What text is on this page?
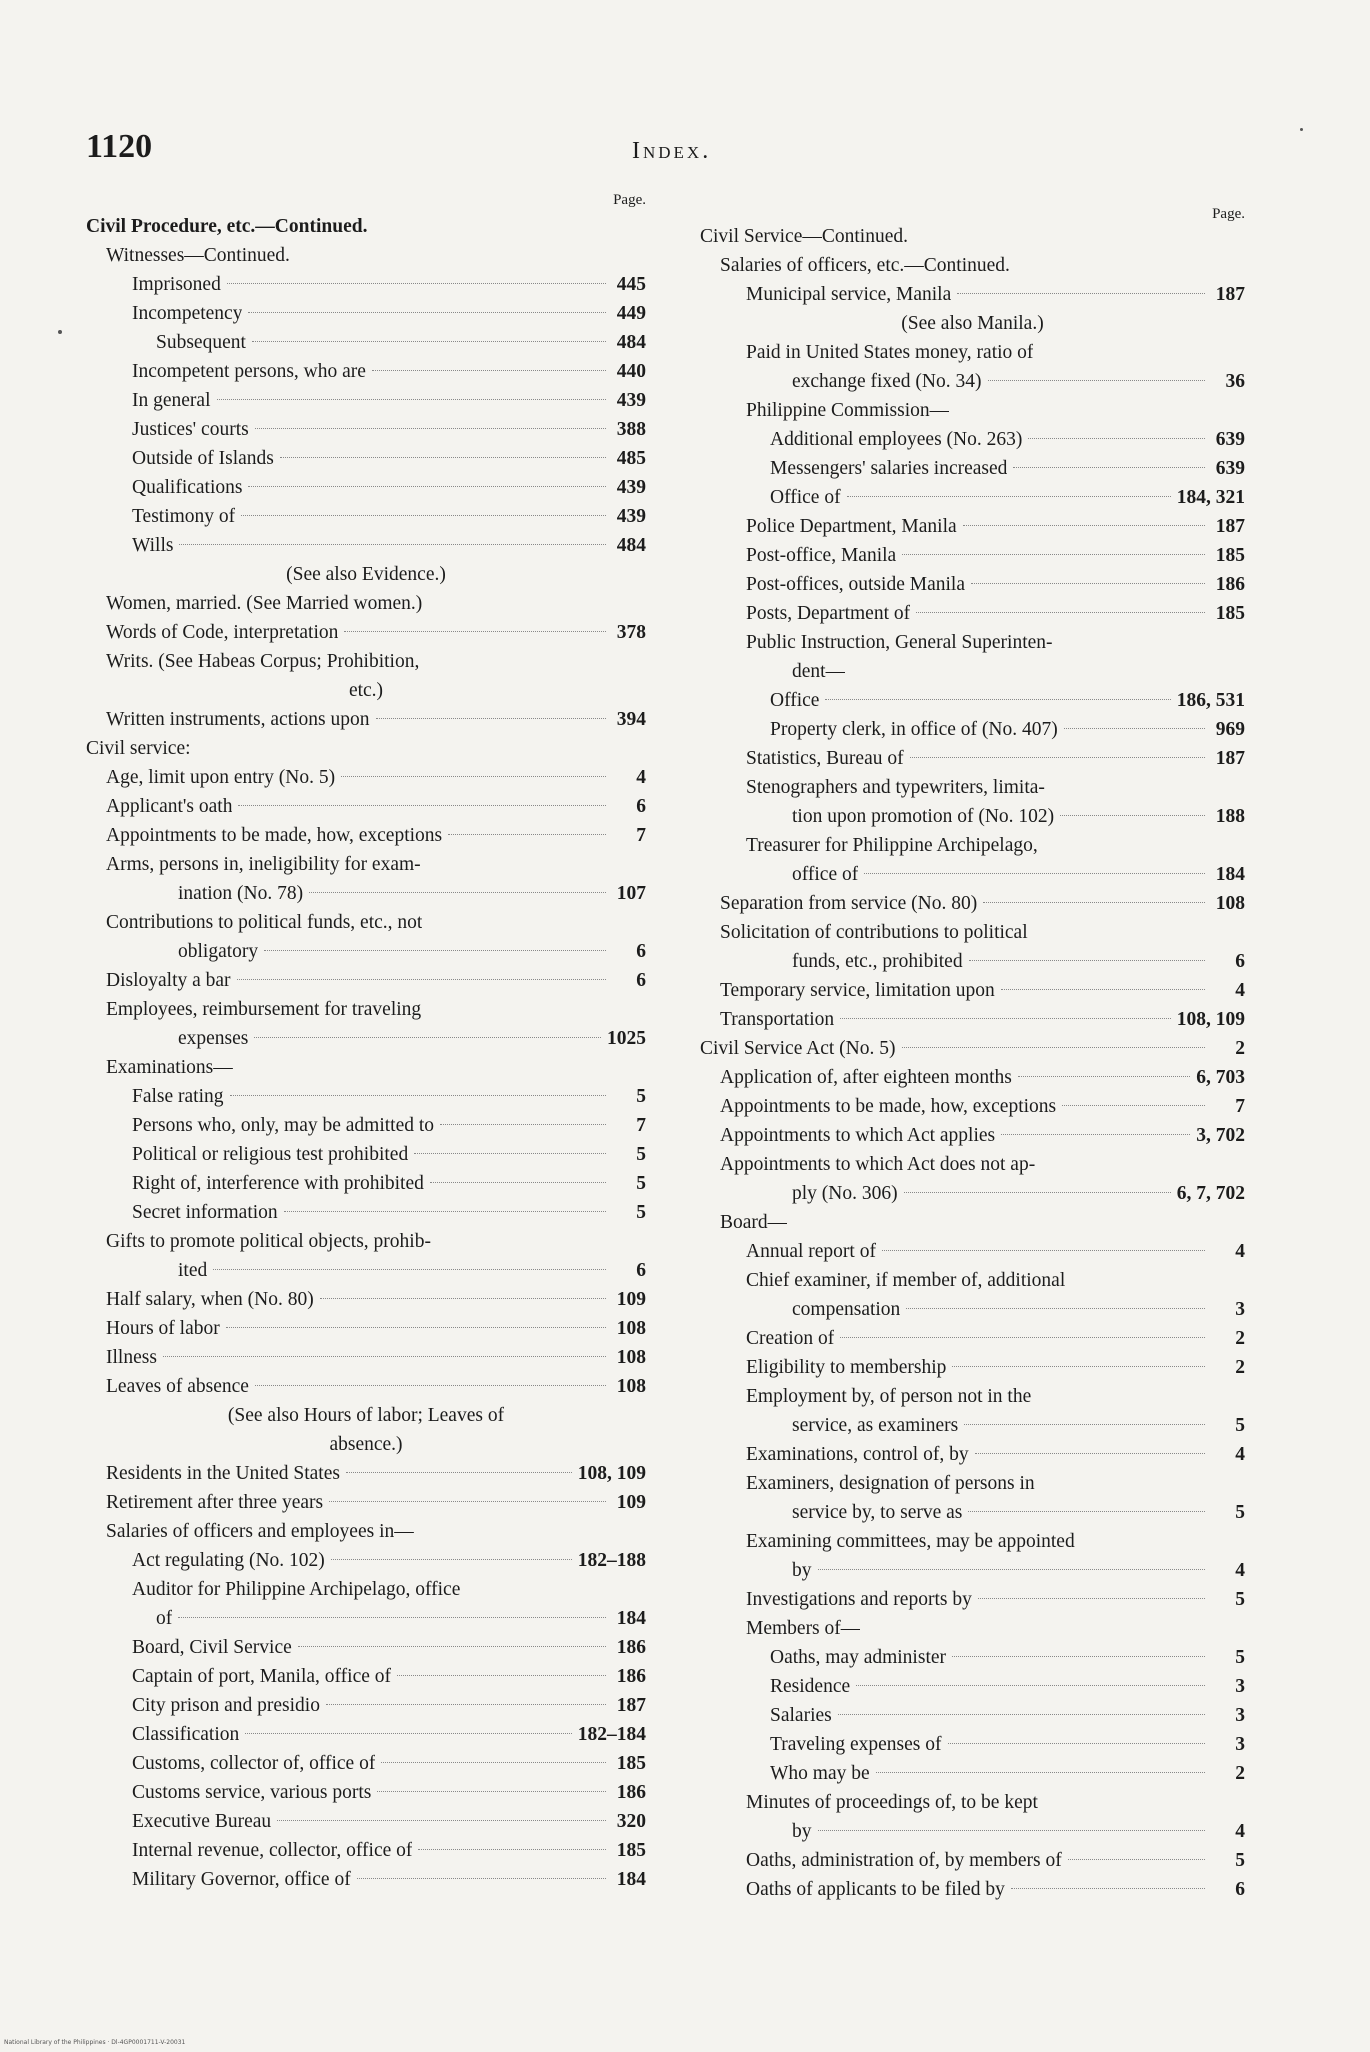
1120	Index.
Page.
Civil Procedure, etc.—Continued.
Witnesses—Continued.
Imprisoned	445
Incompetency	449
Subsequent	484
Incompetent persons, who are	440
In general	439
Justices' courts	388
Outside of Islands	485
Qualifications	439
Testimony of	439
Wills	484
(See also Evidence.)
Women, married. (See Married women.)
Words of Code, interpretation	378
Writs. (See Habeas Corpus; Prohibition,
etc.)
Written instruments, actions upon	394
Civil service:
Age, limit upon entry (No. 5)	4
Applicant's oath	6
Appointments to be made, how, exceptions	7
Arms, persons in, ineligibility for exam-
ination (No. 78)	107
Contributions to political funds, etc., not
obligatory	6
Disloyalty a bar	6
Employees, reimbursement for traveling
expenses	1025
Examinations—
False rating	5
Persons who, only, may be admitted to	7
Political or religious test prohibited	5
Right of, interference with prohibited	5
Secret information	5
Gifts to promote political objects, prohib-
ited	6
Half salary, when (No. 80)	109
Hours of labor	108
Illness	108
Leaves of absence	108
(See also Hours of labor; Leaves of
absence.)
Residents in the United States	108, 109
Retirement after three years	109
Salaries of officers and employees in—
Act regulating (No. 102)	182–188
Auditor for Philippine Archipelago, office
of	184
Board, Civil Service	186
Captain of port, Manila, office of	186
City prison and presidio	187
Classification	182–184
Customs, collector of, office of	185
Customs service, various ports	186
Executive Bureau	320
Internal revenue, collector, office of	185
Military Governor, office of	184
Page.
Civil Service—Continued.
Salaries of officers, etc.—Continued.
Municipal service, Manila	187
(See also Manila.)
Paid in United States money, ratio of
exchange fixed (No. 34)	36
Philippine Commission—
Additional employees (No. 263)	639
Messengers' salaries increased	639
Office of	184, 321
Police Department, Manila	187
Post-office, Manila	185
Post-offices, outside Manila	186
Posts, Department of	185
Public Instruction, General Superinten-
dent—
Office	186, 531
Property clerk, in office of (No. 407)	969
Statistics, Bureau of	187
Stenographers and typewriters, limita-
tion upon promotion of (No. 102)	188
Treasurer for Philippine Archipelago,
office of	184
Separation from service (No. 80)	108
Solicitation of contributions to political
funds, etc., prohibited	6
Temporary service, limitation upon	4
Transportation	108, 109
Civil Service Act (No. 5)	2
Application of, after eighteen months	6, 703
Appointments to be made, how, exceptions	7
Appointments to which Act applies	3, 702
Appointments to which Act does not ap-
ply (No. 306)	6, 7, 702
Board—
Annual report of	4
Chief examiner, if member of, additional
compensation	3
Creation of	2
Eligibility to membership	2
Employment by, of person not in the
service, as examiners	5
Examinations, control of, by	4
Examiners, designation of persons in
service by, to serve as	5
Examining committees, may be appointed
by	4
Investigations and reports by	5
Members of—
Oaths, may administer	5
Residence	3
Salaries	3
Traveling expenses of	3
Who may be	2
Minutes of proceedings of, to be kept
by	4
Oaths, administration of, by members of	5
Oaths of applicants to be filed by	6
National Library of the Philippines · Dl-4GP0001711-V-20031
